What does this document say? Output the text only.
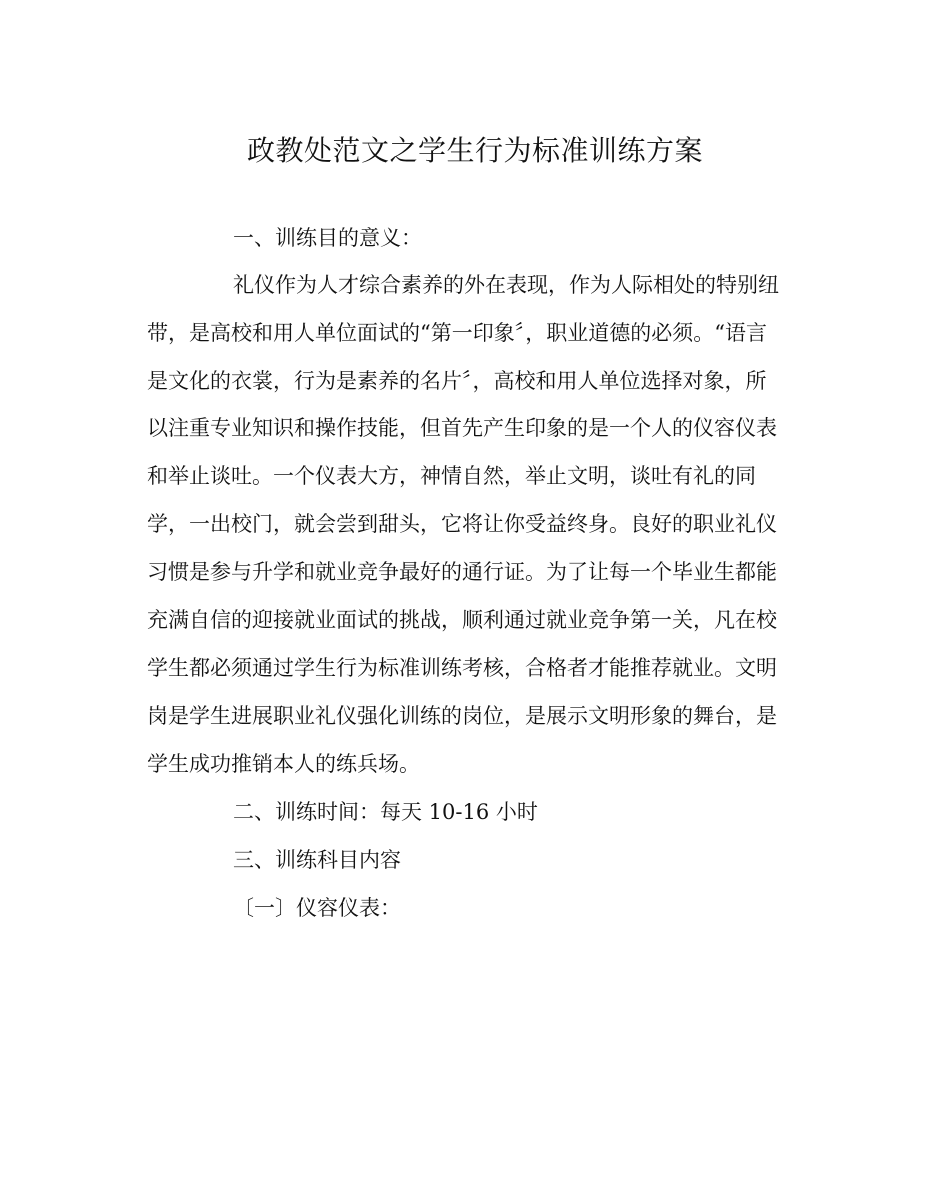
政教处范文之学生行为标准训练方案
一、训练目的意义：
礼仪作为人才综合素养的外在表现，作为人际相处的特别纽
带，是高校和用人单位面试的“第一印象〞，职业道德的必须。“语言
是文化的衣裳，行为是素养的名片〞，高校和用人单位选择对象，所
以注重专业知识和操作技能，但首先产生印象的是一个人的仪容仪表
和举止谈吐。一个仪表大方，神情自然，举止文明，谈吐有礼的同
学，一出校门，就会尝到甜头，它将让你受益终身。良好的职业礼仪
习惯是参与升学和就业竞争最好的通行证。为了让每一个毕业生都能
充满自信的迎接就业面试的挑战，顺利通过就业竞争第一关，凡在校
学生都必须通过学生行为标准训练考核，合格者才能推荐就业。文明
岗是学生进展职业礼仪强化训练的岗位，是展示文明形象的舞台，是
学生成功推销本人的练兵场。
二、训练时间：每天 10-16 小时
三、训练科目内容
〔一〕仪容仪表：
